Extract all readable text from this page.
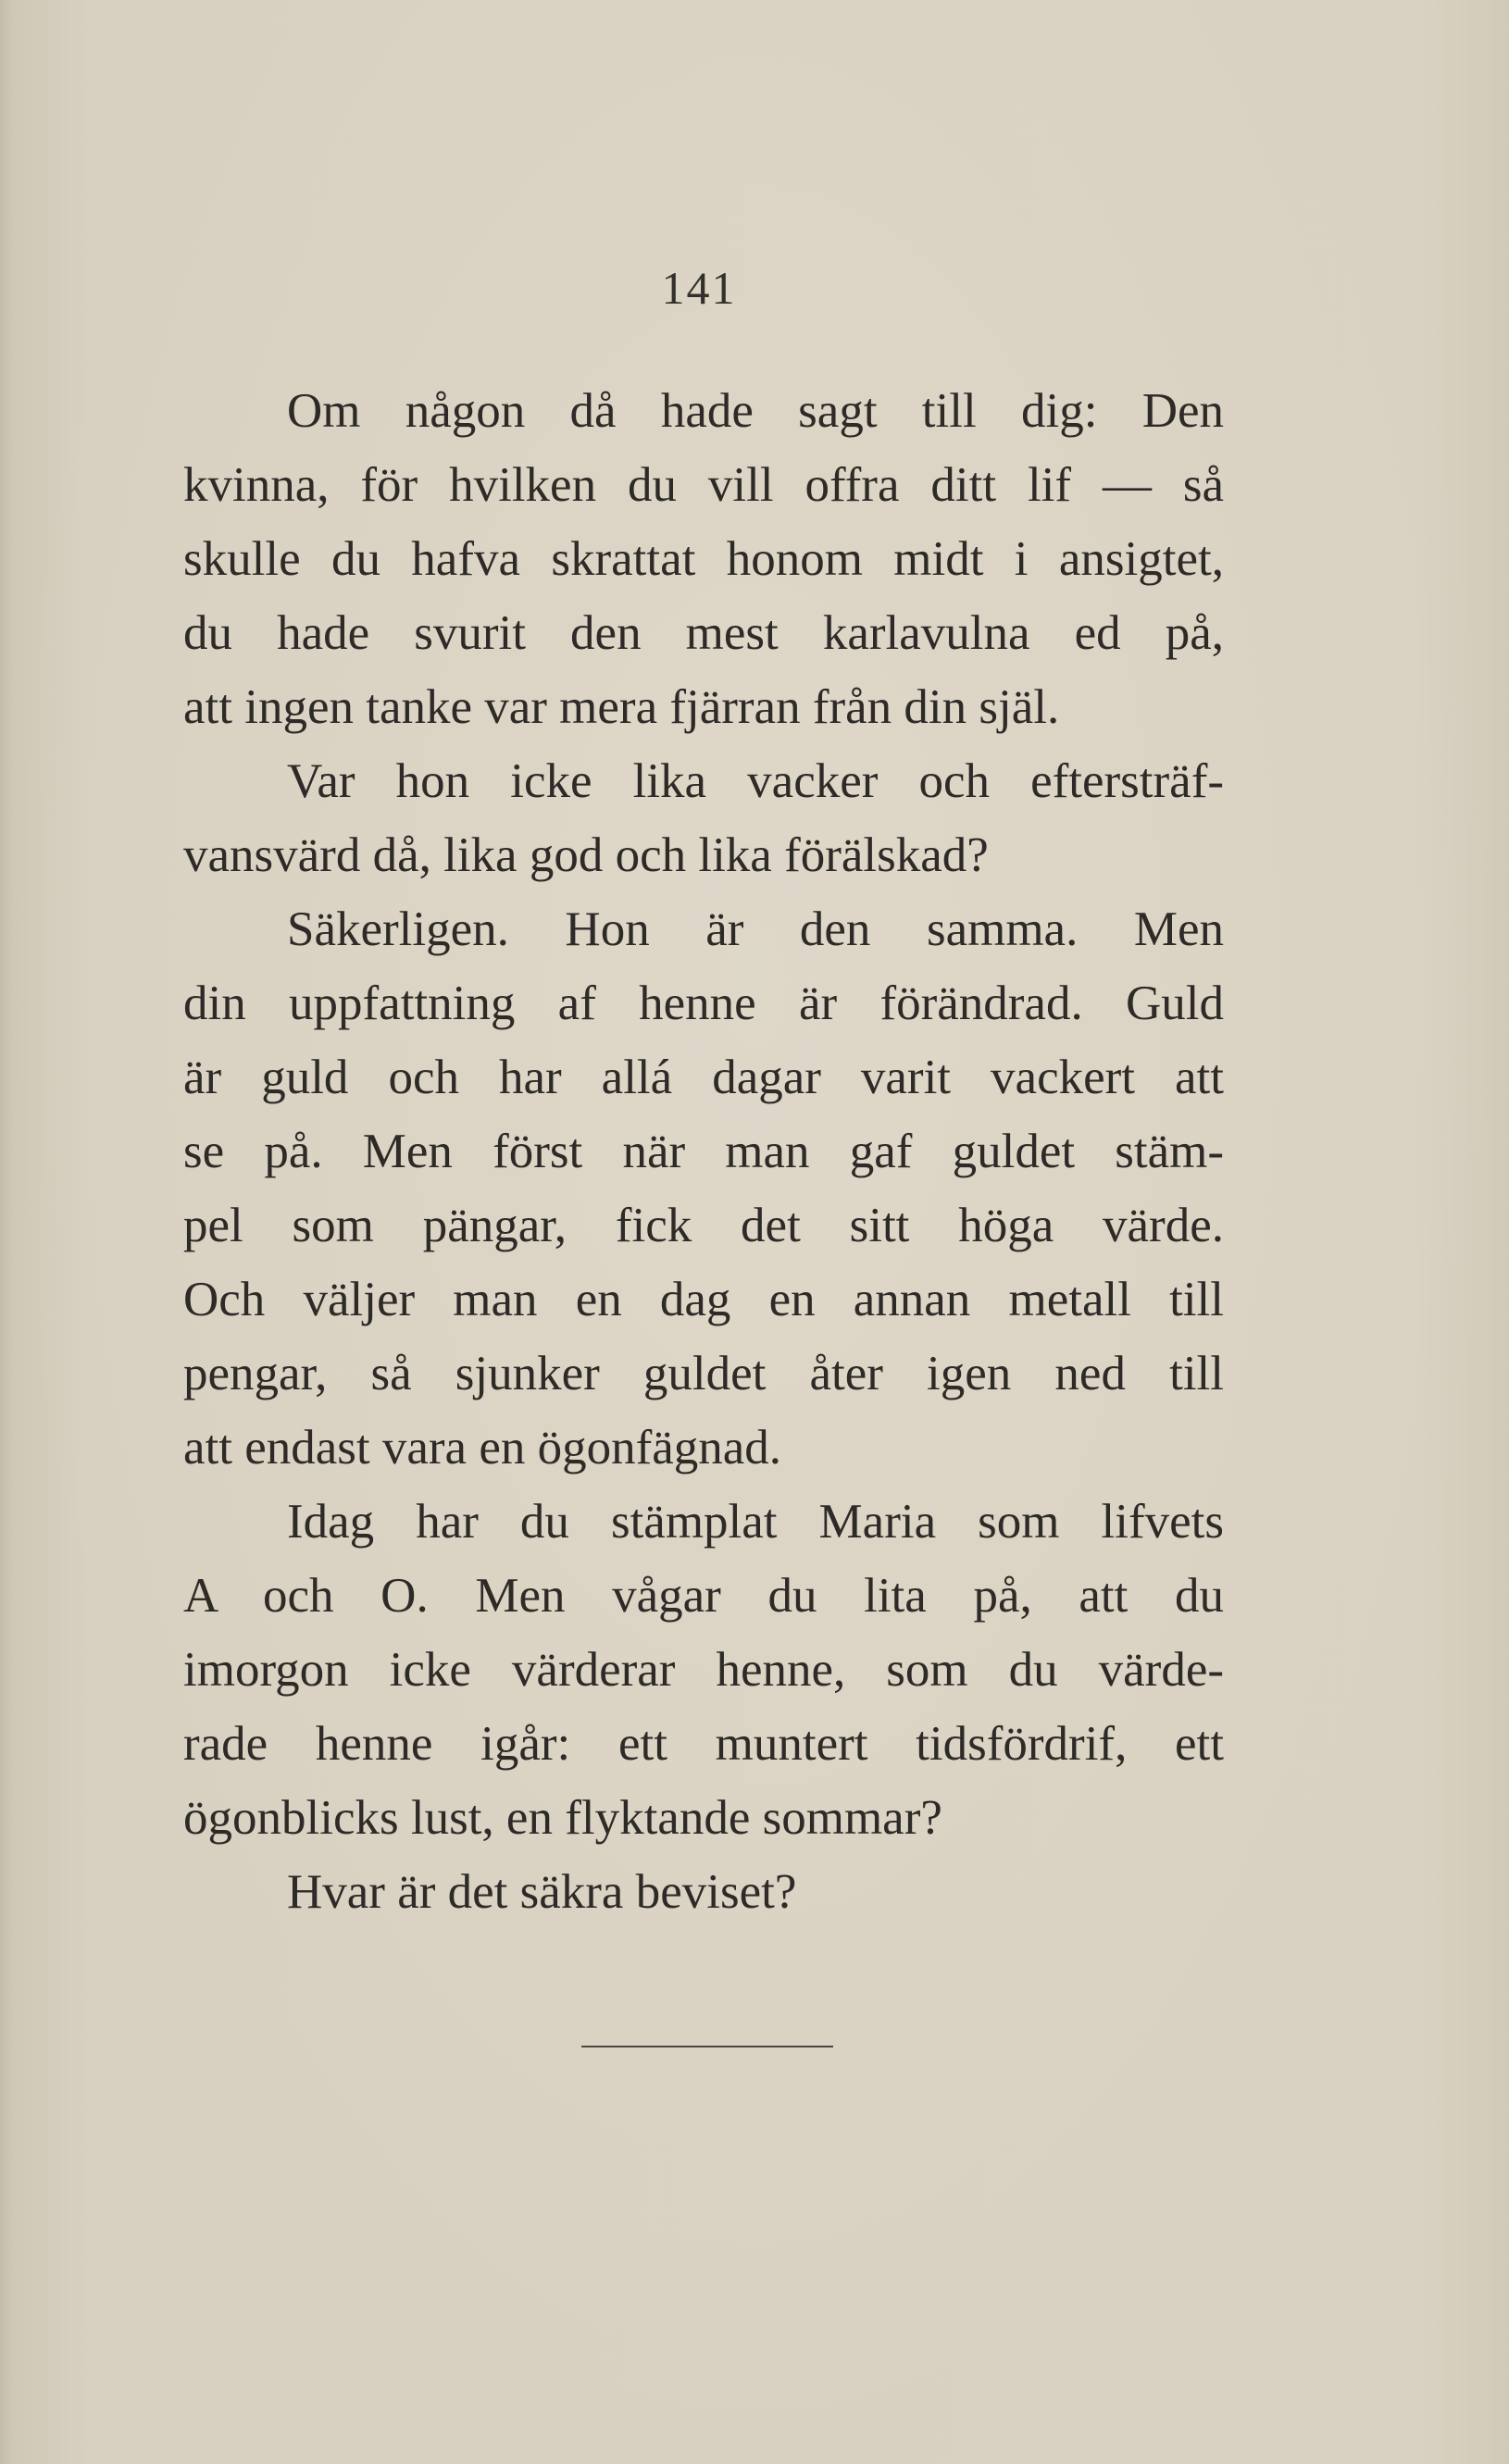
141
Om någon då hade sagt till dig: Den
kvinna, för hvilken du vill offra ditt lif — så
skulle du hafva skrattat honom midt i ansigtet,
du hade svurit den mest karlavulna ed på,
att ingen tanke var mera fjärran från din själ.
Var hon icke lika vacker och eftersträf-
vansvärd då, lika god och lika förälskad?
Säkerligen. Hon är den samma. Men
din uppfattning af henne är förändrad. Guld
är guld och har allá dagar varit vackert att
se på. Men först när man gaf guldet stäm-
pel som pängar, fick det sitt höga värde.
Och väljer man en dag en annan metall till
pengar, så sjunker guldet åter igen ned till
att endast vara en ögonfägnad.
Idag har du stämplat Maria som lifvets
A och O. Men vågar du lita på, att du
imorgon icke värderar henne, som du värde-
rade henne igår: ett muntert tidsfördrif, ett
ögonblicks lust, en flyktande sommar?
Hvar är det säkra beviset?
